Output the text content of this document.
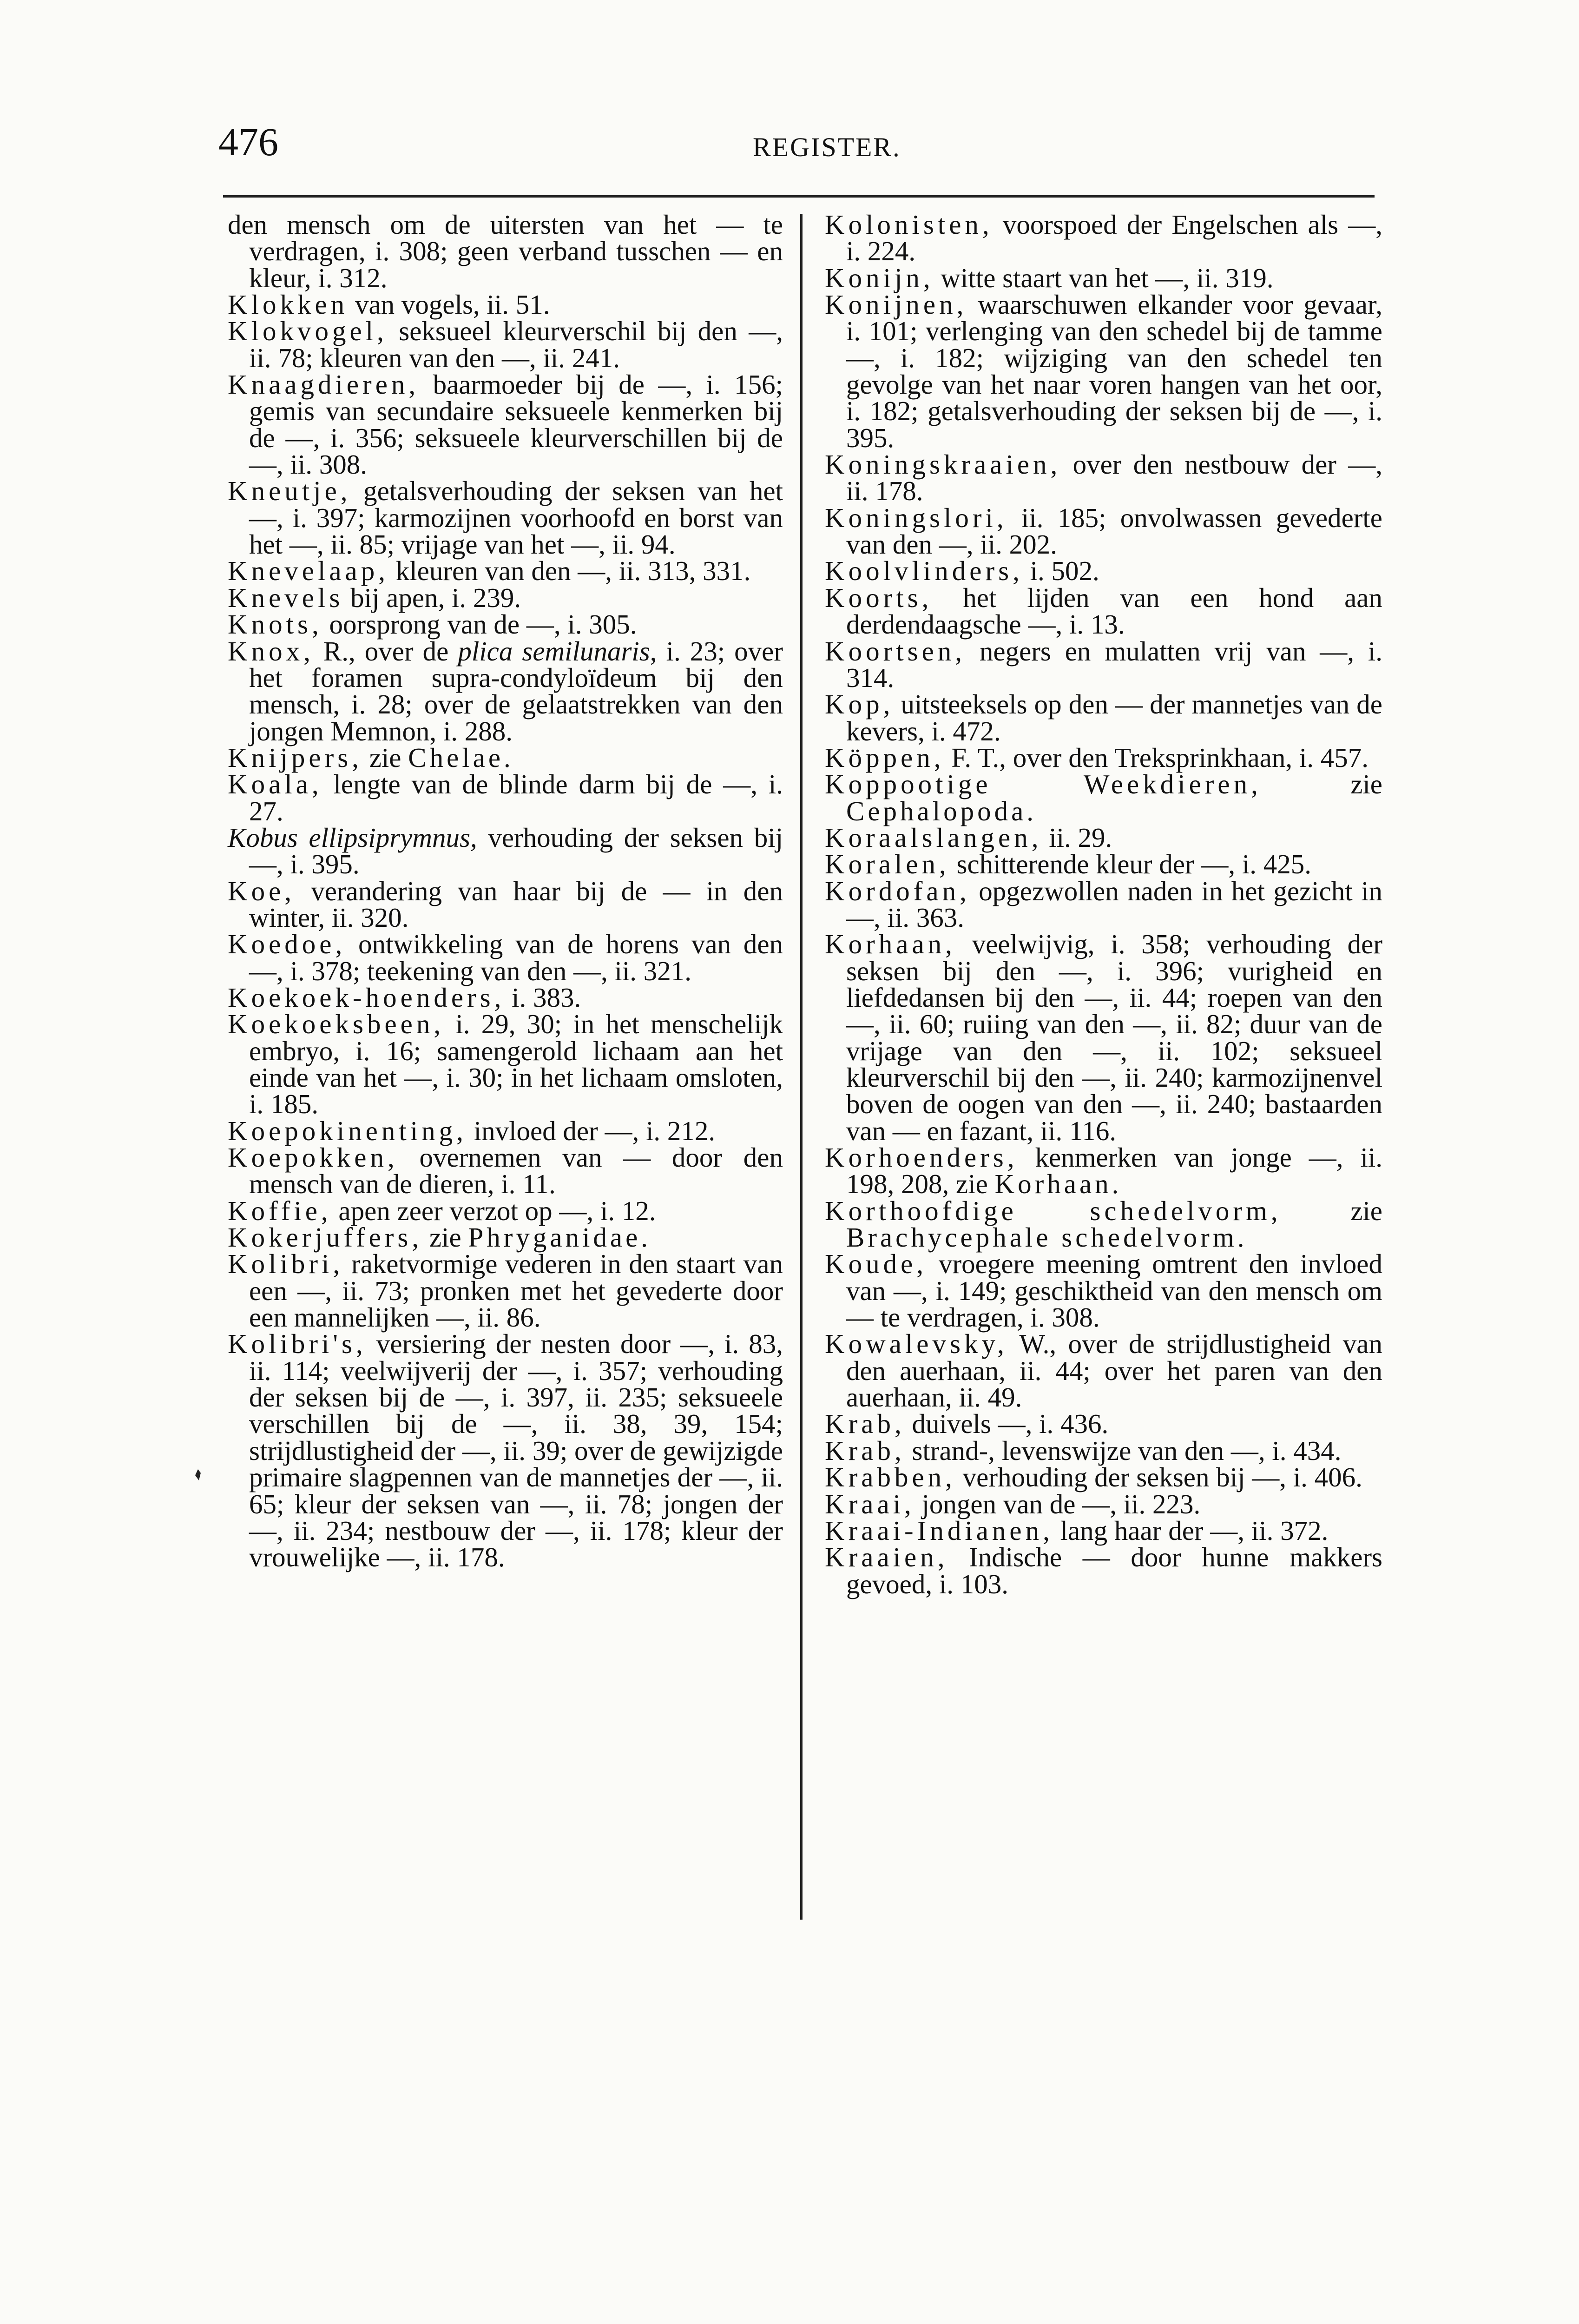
476	REGISTER.

den mensch om de uitersten van het — te verdragen, i. 308; geen verband tusschen — en kleur, i. 312.

Klokken van vogels, ii. 51.

Klokvogel, seksueel kleurverschil bij den —, ii. 78; kleuren van den —, ii. 241.

Knaagdieren, baarmoeder bij de —, i. 156; gemis van secundaire seksueele kenmerken bij de —, i. 356; seksueele kleurverschillen bij de —, ii. 308.

Kneutje, getalsverhouding der seksen van het —, i. 397; karmozijnen voorhoofd en borst van het —, ii. 85; vrijage van het —, ii. 94.

Knevelaap, kleuren van den —, ii. 313, 331.

Knevels bij apen, i. 239.

Knots, oorsprong van de —, i. 305.

Knox, R., over de plica semilunaris, i. 23; over het foramen supra-condyloïdeum bij den mensch, i. 28; over de gelaatstrekken van den jongen Memnon, i. 288.

Knijpers, zie Chelae.

Koala, lengte van de blinde darm bij de —, i. 27.

Kobus ellipsiprymnus, verhouding der seksen bij —, i. 395.

Koe, verandering van haar bij de — in den winter, ii. 320.

Koedoe, ontwikkeling van de horens van den —, i. 378; teekening van den —, ii. 321.

Koekoek-hoenders, i. 383.

Koekoeksbeen, i. 29, 30; in het menschelijk embryo, i. 16; samengerold lichaam aan het einde van het —, i. 30; in het lichaam omsloten, i. 185.

Koepokinenting, invloed der —, i. 212.

Koepokken, overnemen van — door den mensch van de dieren, i. 11.

Koffie, apen zeer verzot op —, i. 12.

Kokerjuffers, zie Phryganidae.

Kolibri, raketvormige vederen in den staart van een —, ii. 73; pronken met het gevederte door een mannelijken —, ii. 86.

Kolibri's, versiering der nesten door —, i. 83, ii. 114; veelwijverij der —, i. 357; verhouding der seksen bij de —, i. 397, ii. 235; seksueele verschillen bij de —, ii. 38, 39, 154; strijdlustigheid der —, ii. 39; over de gewijzigde primaire slagpennen van de mannetjes der —, ii. 65; kleur der seksen van —, ii. 78; jongen der —, ii. 234; nestbouw der —, ii. 178; kleur der vrouwelijke —, ii. 178.

Kolonisten, voorspoed der Engelschen als —, i. 224.

Konijn, witte staart van het —, ii. 319.

Konijnen, waarschuwen elkander voor gevaar, i. 101; verlenging van den schedel bij de tamme —, i. 182; wijziging van den schedel ten gevolge van het naar voren hangen van het oor, i. 182; getalsverhouding der seksen bij de —, i. 395.

Koningskraaien, over den nestbouw der —, ii. 178.

Koningslori, ii. 185; onvolwassen gevederte van den —, ii. 202.

Koolvlinders, i. 502.

Koorts, het lijden van een hond aan derdendaagsche —, i. 13.

Koortsen, negers en mulatten vrij van —, i. 314.

Kop, uitsteeksels op den — der mannetjes van de kevers, i. 472.

Köppen, F. T., over den Treksprinkhaan, i. 457.

Koppootige Weekdieren, zie Cephalopoda.

Koraalslangen, ii. 29.

Koralen, schitterende kleur der —, i. 425.

Kordofan, opgezwollen naden in het gezicht in —, ii. 363.

Korhaan, veelwijvig, i. 358; verhouding der seksen bij den —, i. 396; vurigheid en liefdedansen bij den —, ii. 44; roepen van den —, ii. 60; ruiing van den —, ii. 82; duur van de vrijage van den —, ii. 102; seksueel kleurverschil bij den —, ii. 240; karmozijnenvel boven de oogen van den —, ii. 240; bastaarden van — en fazant, ii. 116.

Korhoenders, kenmerken van jonge —, ii. 198, 208, zie Korhaan.

Korthoofdige schedelvorm, zie Brachycephale schedelvorm.

Koude, vroegere meening omtrent den invloed van —, i. 149; geschiktheid van den mensch om — te verdragen, i. 308.

Kowalevsky, W., over de strijdlustigheid van den auerhaan, ii. 44; over het paren van den auerhaan, ii. 49.

Krab, duivels —, i. 436.

Krab, strand-, levenswijze van den —, i. 434.

Krabben, verhouding der seksen bij —, i. 406.

Kraai, jongen van de —, ii. 223.

Kraai-Indianen, lang haar der —, ii. 372.

Kraaien, Indische — door hunne makkers gevoed, i. 103.
